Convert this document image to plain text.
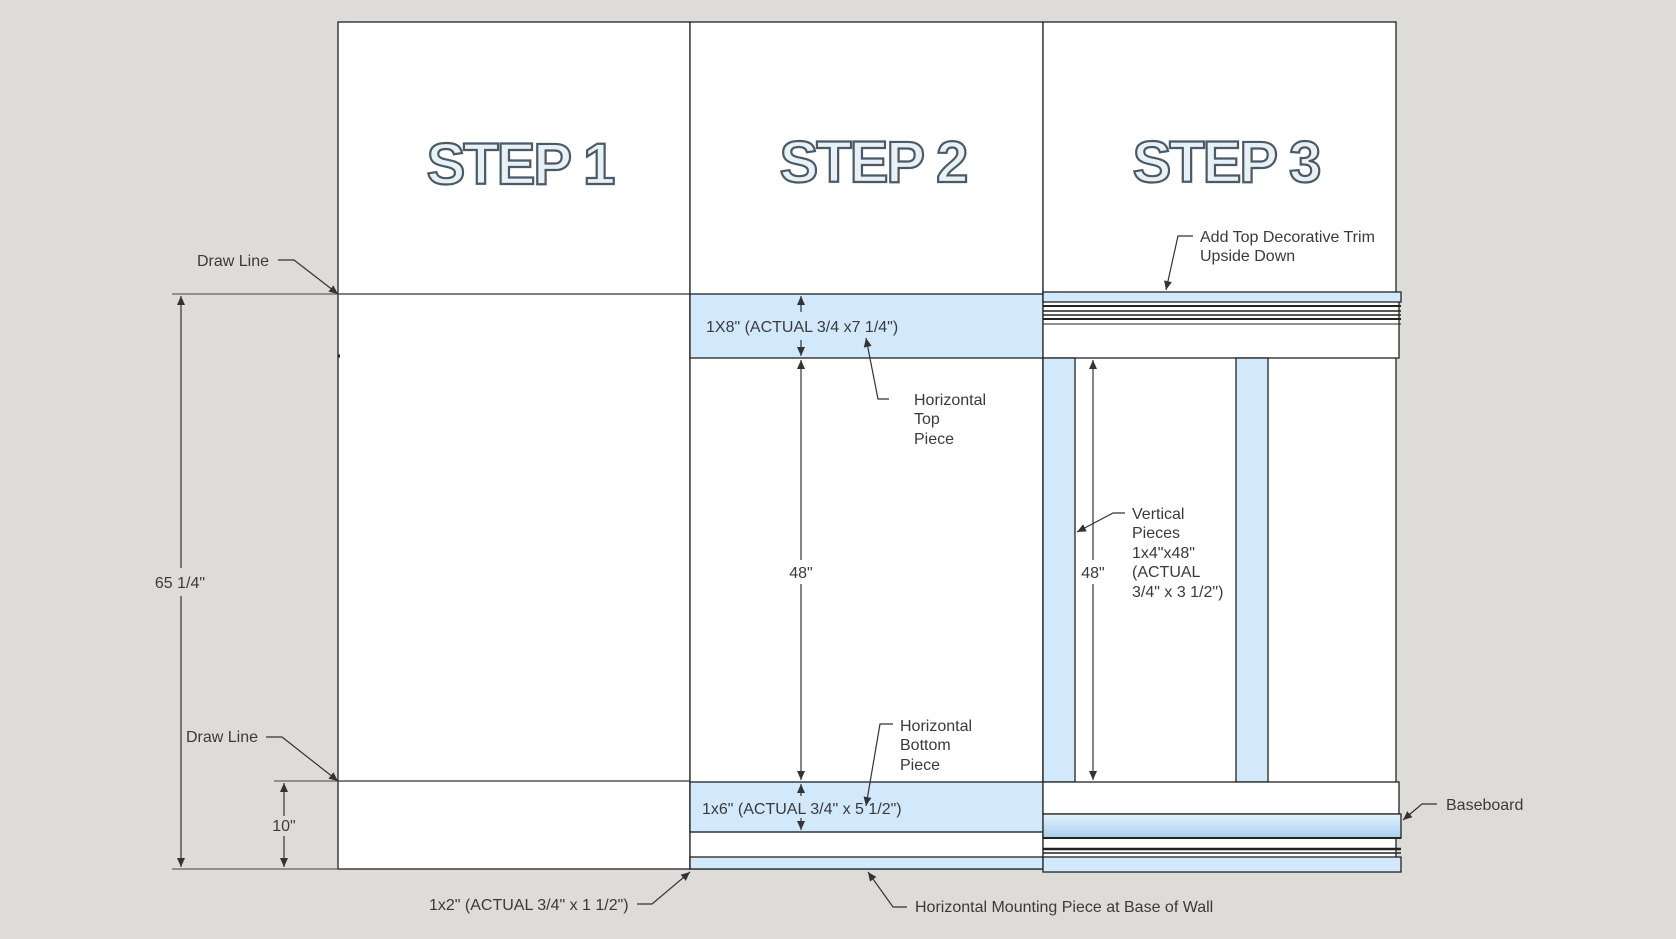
STEP 1	STEP 2	STEP 3
65 1/4"
10"
Draw Line
Draw Line
1X8" (ACTUAL 3/4 x7 1/4")
Horizontal Top Piece
48"
1x6" (ACTUAL 3/4" x 5 1/2")
Horizontal Bottom Piece
1x2" (ACTUAL 3/4" x 1 1/2")	Horizontal Mounting Piece at Base of Wall
Add Top Decorative Trim Upside Down
48"
Vertical Pieces 1x4"x48" (ACTUAL 3/4" x 3 1/2")
Baseboard
